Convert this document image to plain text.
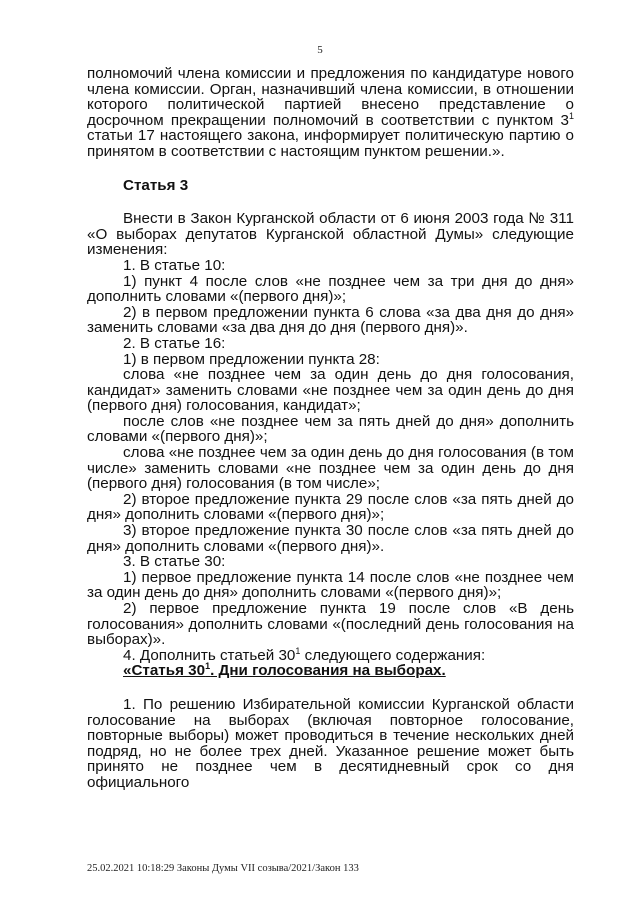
5

полномочий члена комиссии и предложения по кандидатуре нового члена комиссии. Орган, назначивший члена комиссии, в отношении которого политической партией внесено представление о досрочном прекращении полномочий в соответствии с пунктом $3^1$ статьи 17 настоящего закона, информирует политическую партию о принятом в соответствии с настоящим пунктом решении.».

Статья 3

Внести в Закон Курганской области от 6 июня 2003 года № 311 «О выборах депутатов Курганской областной Думы» следующие изменения:

1. В статье 10:

1) пункт 4 после слов «не позднее чем за три дня до дня» дополнить словами «(первого дня)»;

2) в первом предложении пункта 6 слова «за два дня до дня» заменить словами «за два дня до дня (первого дня)».

2. В статье 16:

1) в первом предложении пункта 28:

слова «не позднее чем за один день до дня голосования, кандидат» заменить словами «не позднее чем за один день до дня (первого дня) голосования, кандидат»;

после слов «не позднее чем за пять дней до дня» дополнить словами «(первого дня)»;

слова «не позднее чем за один день до дня голосования (в том числе» заменить словами «не позднее чем за один день до дня (первого дня) голосования (в том числе»;

2) второе предложение пункта 29 после слов «за пять дней до дня» дополнить словами «(первого дня)»;

3) второе предложение пункта 30 после слов «за пять дней до дня» дополнить словами «(первого дня)».

3. В статье 30:

1) первое предложение пункта 14 после слов «не позднее чем за один день до дня» дополнить словами «(первого дня)»;

2) первое предложение пункта 19 после слов «В день голосования» дополнить словами «(последний день голосования на выборах)».

4. Дополнить статьей $30^1$ следующего содержания:

«Статья $30^1$. Дни голосования на выборах.

1. По решению Избирательной комиссии Курганской области голосование на выборах (включая повторное голосование, повторные выборы) может проводиться в течение нескольких дней подряд, но не более трех дней. Указанное решение может быть принято не позднее чем в десятидневный срок со дня официального

25.02.2021 10:18:29 Законы Думы VII созыва/2021/Закон 133
